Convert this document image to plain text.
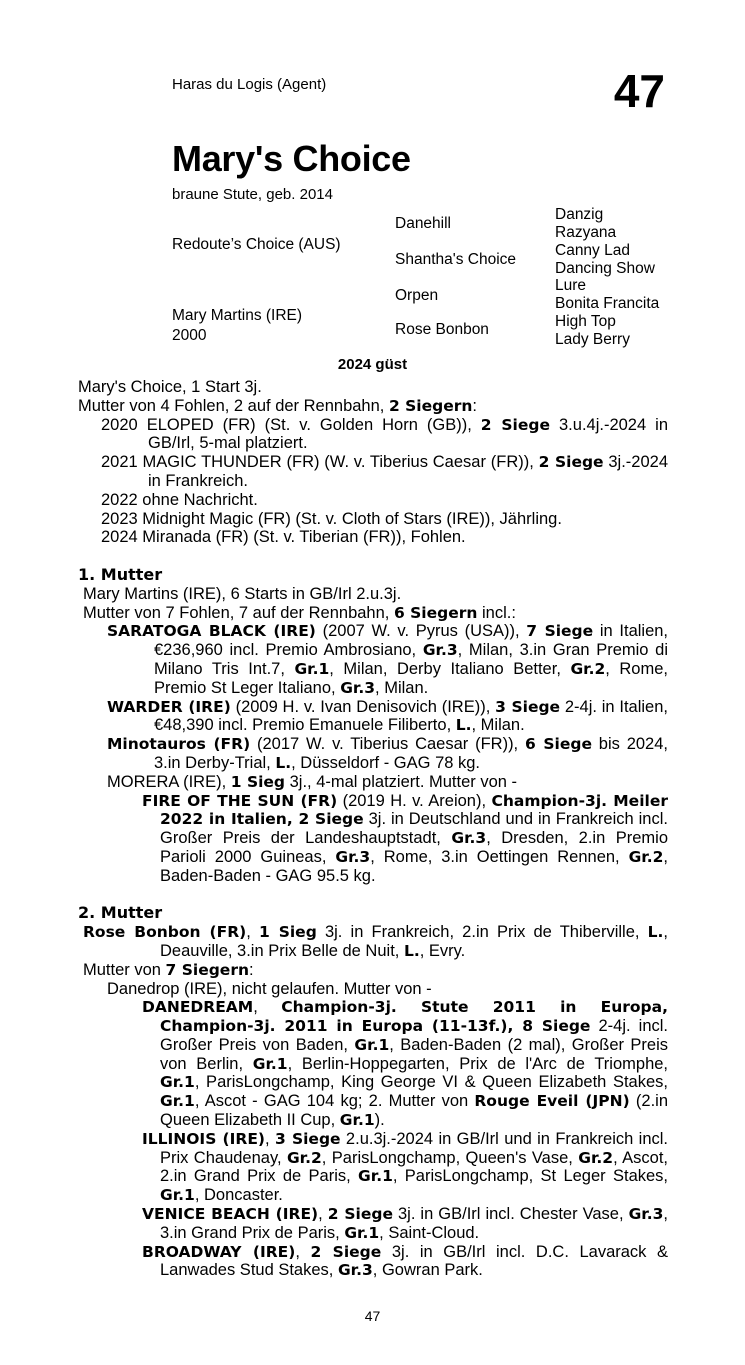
Haras du Logis (Agent)	47
Mary's Choice
braune Stute, geb. 2014
Redoute’s Choice (AUS)
Mary Martins (IRE)
2000
Danehill
Shantha's Choice
Orpen
Rose Bonbon
Danzig
Razyana
Canny Lad
Dancing Show
Lure
Bonita Francita
High Top
Lady Berry
2024 güst

Mary's Choice, 1 Start 3j.

Mutter von 4 Fohlen, 2 auf der Rennbahn, 2 Siegern:

2020 ELOPED (FR) (St. v. Golden Horn (GB)), 2 Siege 3.u.4j.-2024 in GB/Irl, 5-mal platziert.

2021 MAGIC THUNDER (FR) (W. v. Tiberius Caesar (FR)), 2 Siege 3j.-2024 in Frankreich.

2022 ohne Nachricht.

2023 Midnight Magic (FR) (St. v. Cloth of Stars (IRE)), Jährling.

2024 Miranada (FR) (St. v. Tiberian (FR)), Fohlen.

1. Mutter

Mary Martins (IRE), 6 Starts in GB/Irl 2.u.3j.

Mutter von 7 Fohlen, 7 auf der Rennbahn, 6 Siegern incl.:

SARATOGA BLACK (IRE) (2007 W. v. Pyrus (USA)), 7 Siege in Italien, €236,960 incl. Premio Ambrosiano, Gr.3, Milan, 3.in Gran Premio di Milano Tris Int.7, Gr.1, Milan, Derby Italiano Better, Gr.2, Rome, Premio St Leger Italiano, Gr.3, Milan.

WARDER (IRE) (2009 H. v. Ivan Denisovich (IRE)), 3 Siege 2-4j. in Italien, €48,390 incl. Premio Emanuele Filiberto, L., Milan.

Minotauros (FR) (2017 W. v. Tiberius Caesar (FR)), 6 Siege bis 2024, 3.in Derby-Trial, L., Düsseldorf - GAG 78 kg.

MORERA (IRE), 1 Sieg 3j., 4-mal platziert. Mutter von -

FIRE OF THE SUN (FR) (2019 H. v. Areion), Champion-3j. Meiler 2022 in Italien, 2 Siege 3j. in Deutschland und in Frankreich incl. Großer Preis der Landeshauptstadt, Gr.3, Dresden, 2.in Premio Parioli 2000 Guineas, Gr.3, Rome, 3.in Oettingen Rennen, Gr.2, Baden-Baden - GAG 95.5 kg.

2. Mutter

Rose Bonbon (FR), 1 Sieg 3j. in Frankreich, 2.in Prix de Thiberville, L., Deauville, 3.in Prix Belle de Nuit, L., Evry.

Mutter von 7 Siegern:

Danedrop (IRE), nicht gelaufen. Mutter von -

DANEDREAM, Champion-3j. Stute 2011 in Europa, Champion-3j. 2011 in Europa (11-13f.), 8 Siege 2-4j. incl. Großer Preis von Baden, Gr.1, Baden-Baden (2 mal), Großer Preis von Berlin, Gr.1, Berlin-Hoppegarten, Prix de l'Arc de Triomphe, Gr.1, ParisLongchamp, King George VI & Queen Elizabeth Stakes, Gr.1, Ascot - GAG 104 kg; 2. Mutter von Rouge Eveil (JPN) (2.in Queen Elizabeth II Cup, Gr.1).

ILLINOIS (IRE), 3 Siege 2.u.3j.-2024 in GB/Irl und in Frankreich incl. Prix Chaudenay, Gr.2, ParisLongchamp, Queen's Vase, Gr.2, Ascot, 2.in Grand Prix de Paris, Gr.1, ParisLongchamp, St Leger Stakes, Gr.1, Doncaster.

VENICE BEACH (IRE), 2 Siege 3j. in GB/Irl incl. Chester Vase, Gr.3, 3.in Grand Prix de Paris, Gr.1, Saint-Cloud.

BROADWAY (IRE), 2 Siege 3j. in GB/Irl incl. D.C. Lavarack & Lanwades Stud Stakes, Gr.3, Gowran Park.

47
